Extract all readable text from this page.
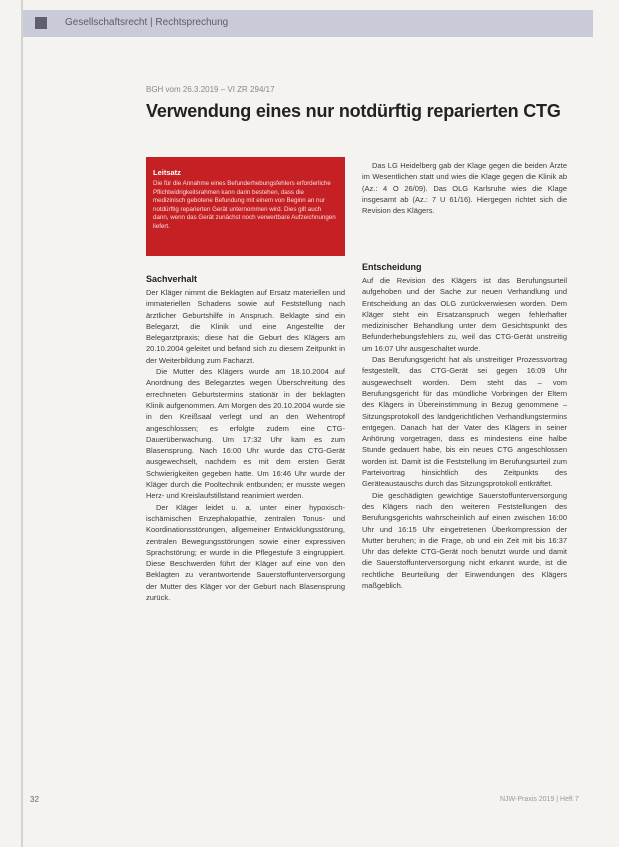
Gesellschaftsrecht | Rechtsprechung
BGH vom 26.3.2019 – VI ZR 294/17
Verwendung eines nur notdürftig reparierten CTG
Leitsatz
Die für die Annahme eines Befunderhebungsfehlers erforderliche Pflichtwidrigkeitsrahmen kann darin bestehen, dass die medizinisch gebotene Befundung mit einem von Beginn an nur notdürftig reparierten Gerät unternommen wird. Dies gilt auch dann, wenn das Gerät zunächst noch verwertbare Aufzeichnungen liefert.
Sachverhalt

Der Kläger nimmt die Beklagten auf Ersatz materiellen und immateriellen Schadens sowie auf Feststellung nach ärztlicher Geburtshilfe in Anspruch. Beklagte sind ein Belegarzt, die Klinik und eine Angestellte der Belegarztpraxis; diese hat die Geburt des Klägers am 20.10.2004 geleitet und befand sich zu diesem Zeitpunkt in der Weiterbildung zum Facharzt.

Die Mutter des Klägers wurde am 18.10.2004 auf Anordnung des Belegarztes wegen Überschreitung des errechneten Geburtstermins stationär in der beklagten Klinik aufgenommen. Am Morgen des 20.10.2004 wurde sie in den Kreißsaal verlegt und an den Wehentropf angeschlossen; es erfolgte zudem eine CTG-Dauerüberwachung. Um 17:32 Uhr kam es zum Blasensprung. Nach 16:00 Uhr wurde das CTG-Gerät ausgewechselt, nachdem es mit dem ersten Gerät Schwierigkeiten gegeben hatte. Um 16:46 Uhr wurde der Kläger durch die Pooltechnik entbunden; er musste wegen Herz- und Kreislaufstillstand reanimiert werden.

Der Kläger leidet u. a. unter einer hypoxisch-ischämischen Enzephalopathie, zentralen Tonus- und Koordinationsstörungen, allgemeiner Entwicklungsstörung, zentralen Bewegungsstörungen sowie einer expressiven Sprachstörung; er wurde in die Pflegestufe 3 eingruppiert. Diese Beschwerden führt der Kläger auf eine von den Beklagten zu verantwortende Sauerstoffunterversorgung der Mutter des Kläger vor der Geburt nach Blasensprung zurück.

Das LG Heidelberg gab der Klage gegen die beiden Ärzte im Wesentlichen statt und wies die Klage gegen die Klinik ab (Az.: 4 O 26/09). Das OLG Karlsruhe wies die Klage insgesamt ab (Az.: 7 U 61/16). Hiergegen richtet sich die Revision des Klägers.

Entscheidung

Auf die Revision des Klägers ist das Berufungsurteil aufgehoben und der Sache zur neuen Verhandlung und Entscheidung an das OLG zurückverwiesen worden. Dem Kläger steht ein Ersatzanspruch wegen fehlerhafter medizinischer Behandlung unter dem Gesichtspunkt des Befunderhebungsfehlers zu, weil das CTG-Gerät unstreitig um 16:07 Uhr ausgeschaltet wurde.

Das Berufungsgericht hat als unstreitiger Prozessvortrag festgestellt, das CTG-Gerät sei gegen 16:09 Uhr ausgewechselt worden. Dem steht das – vom Berufungsgericht für das mündliche Vorbringen der Eltern des Klägers in Übereinstimmung in Bezug genommene – Sitzungsprotokoll des landgerichtlichen Verhandlungstermins entgegen. Danach hat der Vater des Klägers in seiner Anhörung vorgetragen, dass es mindestens eine halbe Stunde gedauert habe, bis ein neues CTG angeschlossen worden ist. Damit ist die Feststellung im Berufungsurteil zum Parteivortrag hinsichtlich des Zeitpunkts des Geräteaustauschs durch das Sitzungsprotokoll entkräftet.

Die geschädigten gewichtige Sauerstoffunterversorgung des Klägers nach den weiteren Feststellungen des Berufungsgerichts wahrscheinlich auf einen zwischen 16:00 Uhr und 16:15 Uhr eingetretenen Überkompression der Mutter beruhen; in die Frage, ob und ein Zeit mit bis 16:37 Uhr das defekte CTG-Gerät noch benutzt wurde und damit die Sauerstoffunterversorgung nicht erkannt wurde, ist die rechtliche Beurteilung der Einwendungen des Klägers maßgeblich.

32	NJW-Praxis 2019 | Heft 7
